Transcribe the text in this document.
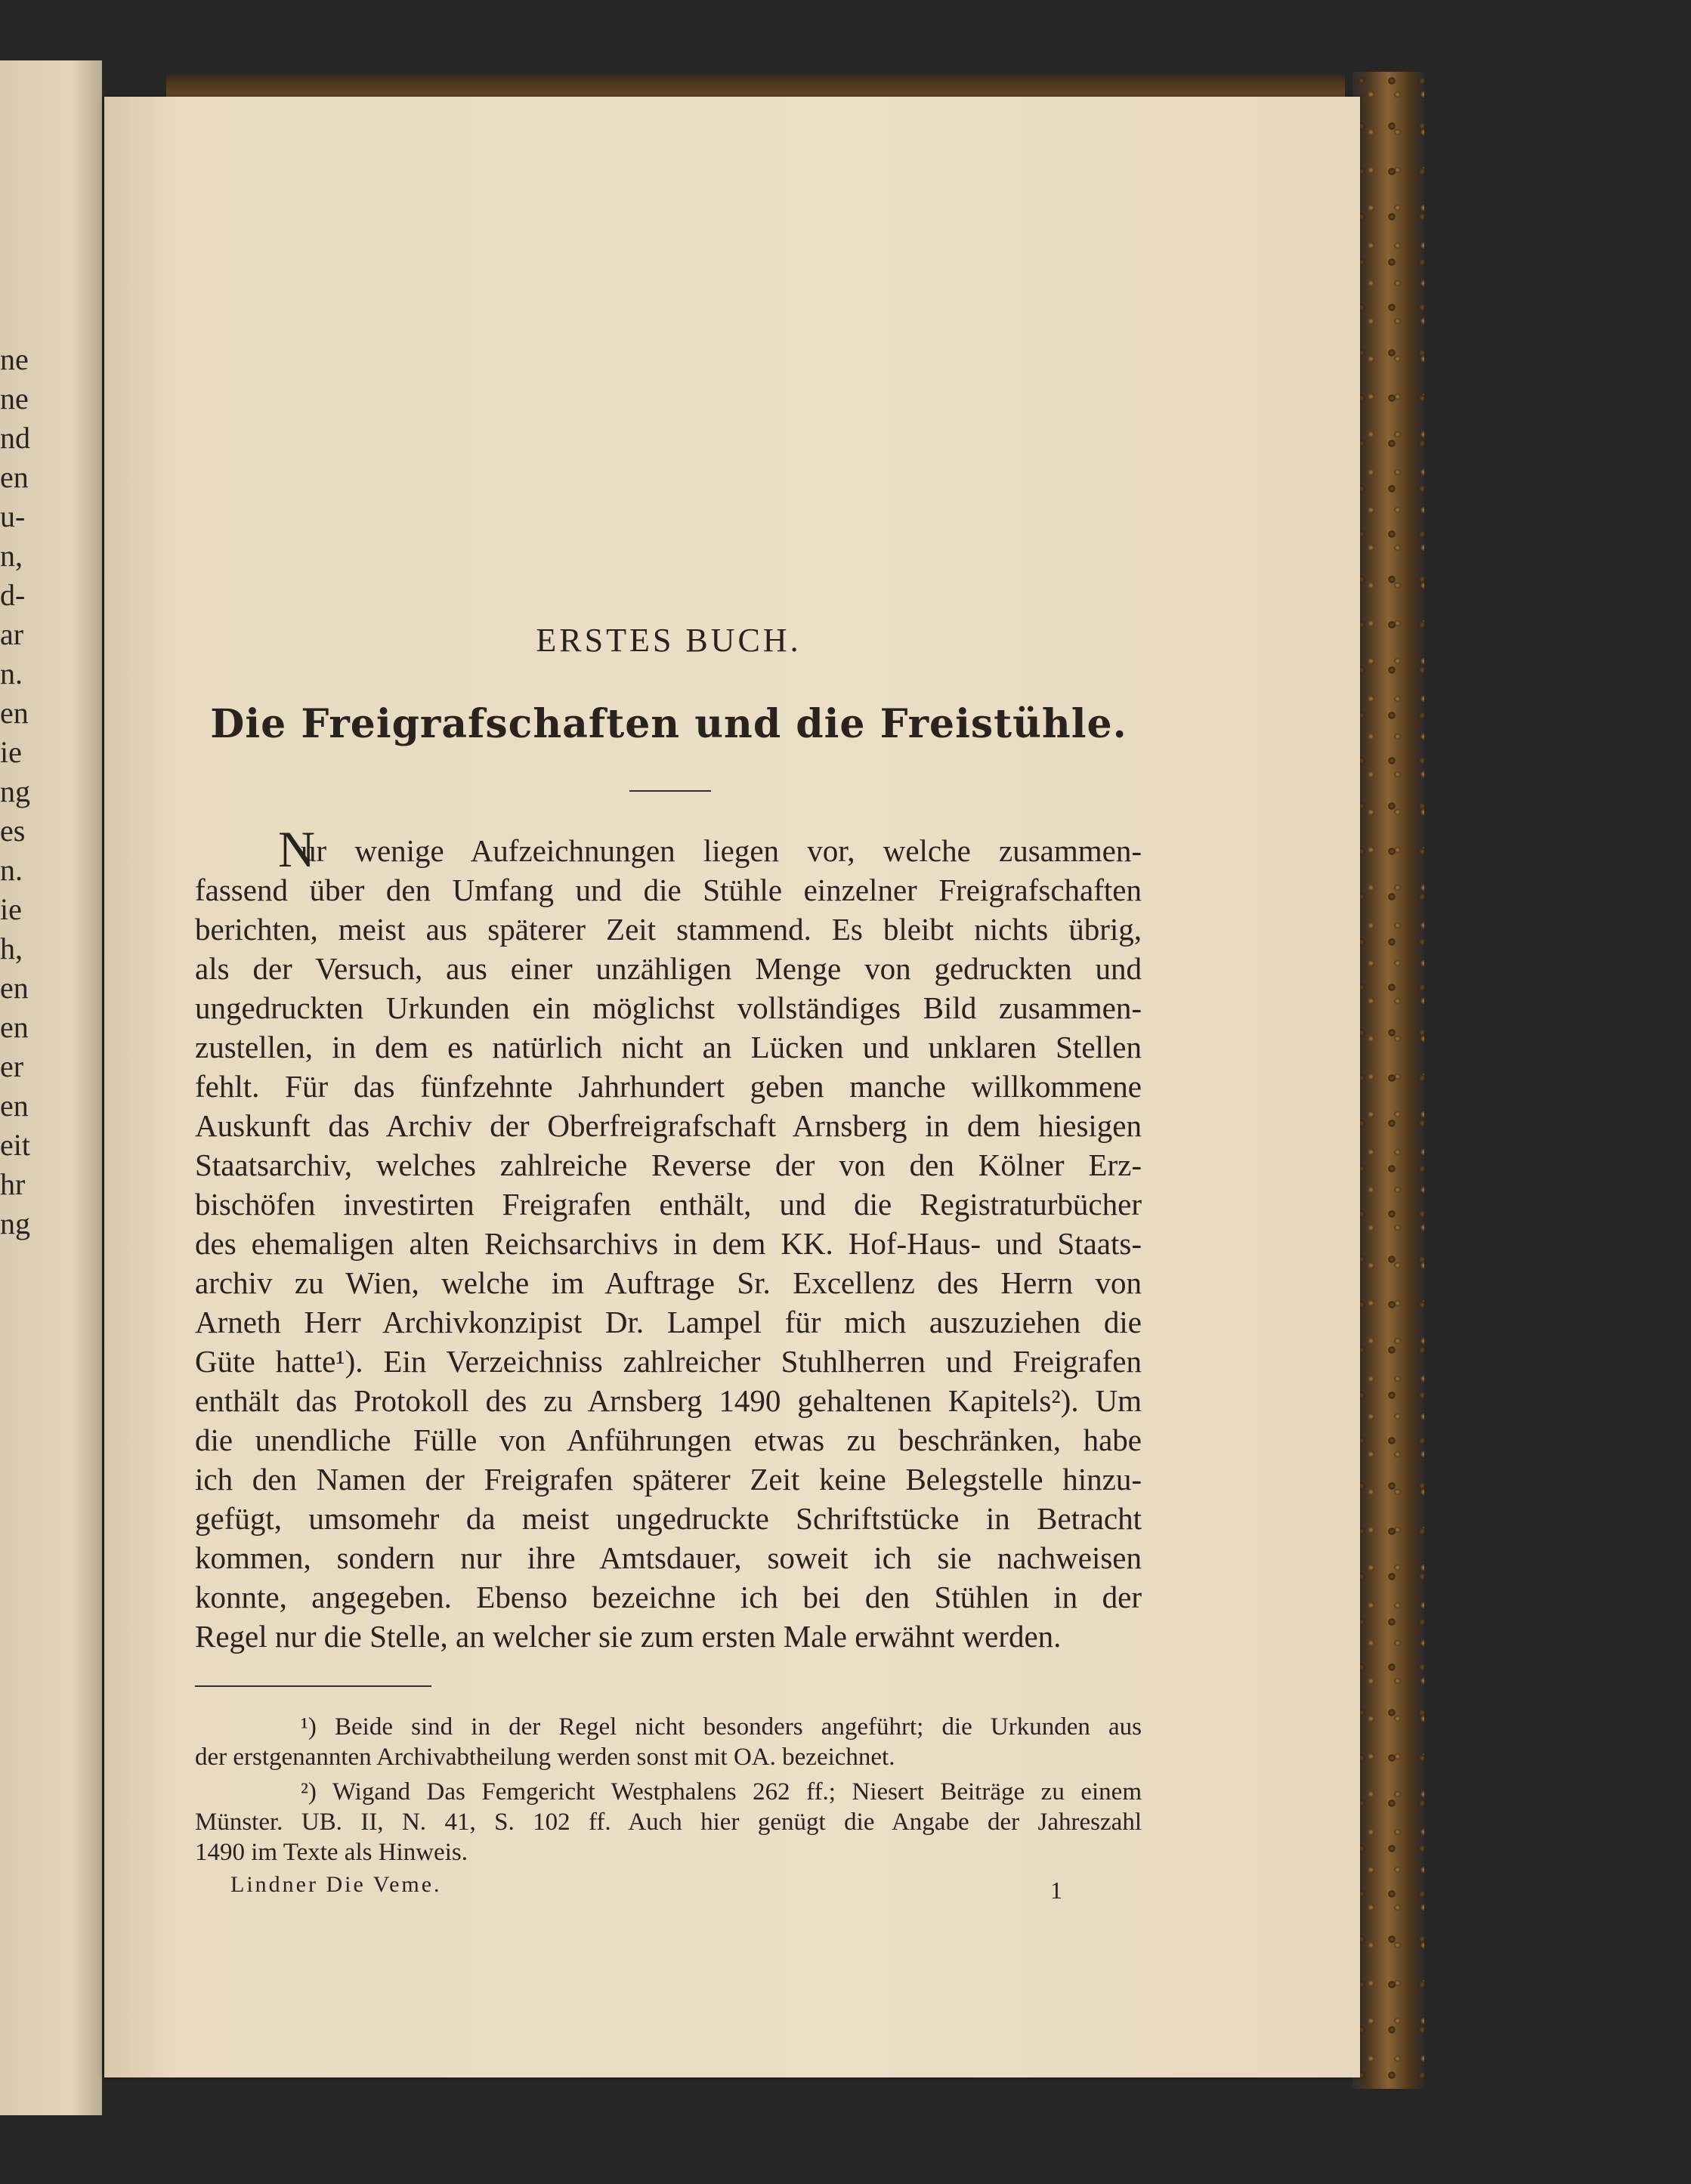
ne
ne
nd
en
u-
n,
d-
ar
n.
en
ie
ng
es
n.
ie
h,
en
en
er
en
eit
hr
ng
ERSTES BUCH.
Die Freigrafschaften und die Freistühle.
N
ur wenige Aufzeichnungen liegen vor, welche zusammen-
fassend über den Umfang und die Stühle einzelner Freigrafschaften
berichten, meist aus späterer Zeit stammend. Es bleibt nichts übrig,
als der Versuch, aus einer unzähligen Menge von gedruckten und
ungedruckten Urkunden ein möglichst vollständiges Bild zusammen-
zustellen, in dem es natürlich nicht an Lücken und unklaren Stellen
fehlt. Für das fünfzehnte Jahrhundert geben manche willkommene
Auskunft das Archiv der Oberfreigrafschaft Arnsberg in dem hiesigen
Staatsarchiv, welches zahlreiche Reverse der von den Kölner Erz-
bischöfen investirten Freigrafen enthält, und die Registraturbücher
des ehemaligen alten Reichsarchivs in dem KK. Hof-Haus- und Staats-
archiv zu Wien, welche im Auftrage Sr. Excellenz des Herrn von
Arneth Herr Archivkonzipist Dr. Lampel für mich auszuziehen die
Güte hatte¹). Ein Verzeichniss zahlreicher Stuhlherren und Freigrafen
enthält das Protokoll des zu Arnsberg 1490 gehaltenen Kapitels²). Um
die unendliche Fülle von Anführungen etwas zu beschränken, habe
ich den Namen der Freigrafen späterer Zeit keine Belegstelle hinzu-
gefügt, umsomehr da meist ungedruckte Schriftstücke in Betracht
kommen, sondern nur ihre Amtsdauer, soweit ich sie nachweisen
konnte, angegeben. Ebenso bezeichne ich bei den Stühlen in der
Regel nur die Stelle, an welcher sie zum ersten Male erwähnt werden.
¹) Beide sind in der Regel nicht besonders angeführt; die Urkunden aus
der erstgenannten Archivabtheilung werden sonst mit OA. bezeichnet.
²) Wigand Das Femgericht Westphalens 262 ff.; Niesert Beiträge zu einem
Münster. UB. II, N. 41, S. 102 ff. Auch hier genügt die Angabe der Jahreszahl
1490 im Texte als Hinweis.
Lindner Die Veme.	1
